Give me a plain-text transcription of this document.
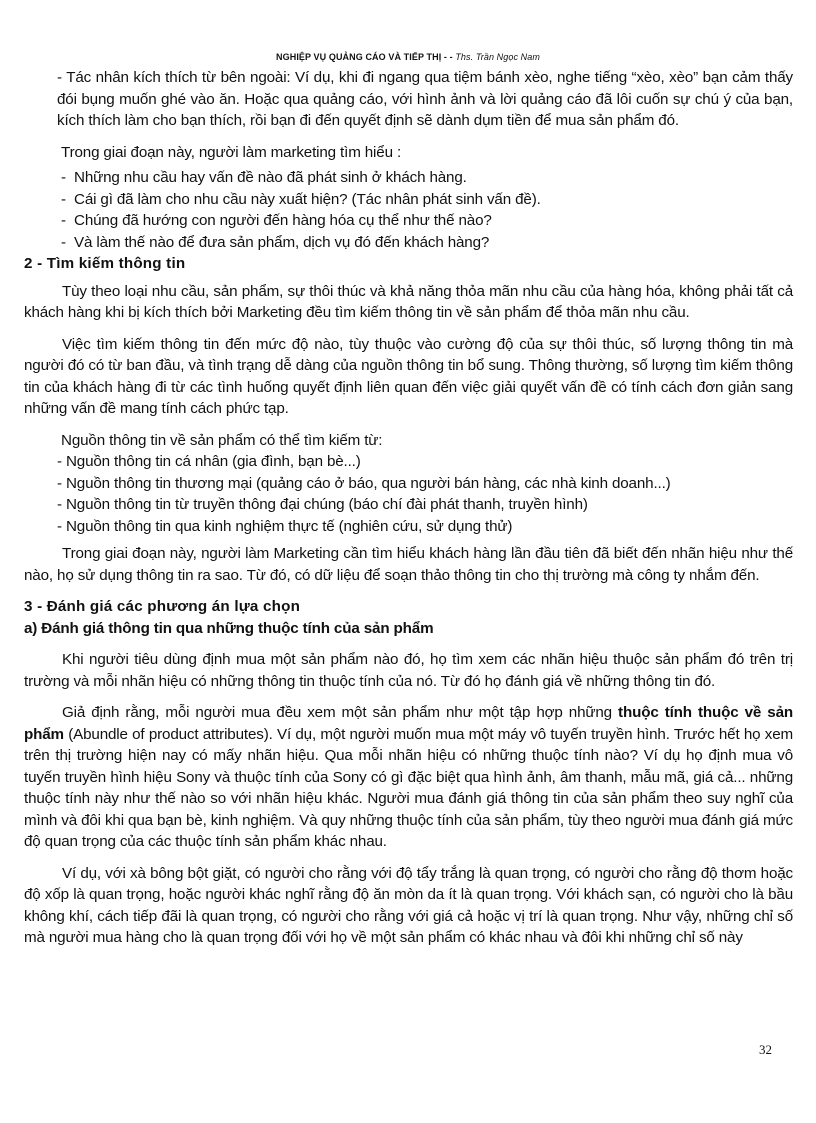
NGHIỆP VỤ QUẢNG CÁO VÀ TIẾP THỊ - - Ths. Trần Ngọc Nam

- Tác nhân kích thích từ bên ngoài: Ví dụ, khi đi ngang qua tiệm bánh xèo, nghe tiếng “xèo, xèo” bạn cảm thấy đói bụng muốn ghé vào ăn. Hoặc qua quảng cáo, với hình ảnh và lời quảng cáo đã lôi cuốn sự chú ý của bạn, kích thích làm cho bạn thích, rồi bạn đi đến quyết định sẽ dành dụm tiền để mua sản phẩm đó.

Trong giai đoạn này, người làm marketing tìm hiểu :

- Những nhu cầu hay vấn đề nào đã phát sinh ở khách hàng.
- Cái gì đã làm cho nhu cầu này xuất hiện? (Tác nhân phát sinh vấn đề).
- Chúng đã hướng con người đến hàng hóa cụ thể như thế nào?
- Và làm thế nào để đưa sản phẩm, dịch vụ đó đến khách hàng?

2 - Tìm kiếm thông tin

Tùy theo loại nhu cầu, sản phẩm, sự thôi thúc và khả năng thỏa mãn nhu cầu của hàng hóa, không phải tất cả khách hàng khi bị kích thích bởi Marketing đều tìm kiếm thông tin về sản phẩm để thỏa mãn nhu cầu.

Việc tìm kiếm thông tin đến mức độ nào, tùy thuộc vào cường độ của sự thôi thúc, số lượng thông tin mà người đó có từ ban đầu, và tình trạng dễ dàng của nguồn thông tin bổ sung. Thông thường, số lượng tìm kiếm thông tin của khách hàng đi từ các tình huống quyết định liên quan đến việc giải quyết vấn đề có tính cách đơn giản sang những vấn đề mang tính cách phức tạp.

Nguồn thông tin về sản phẩm có thể tìm kiếm từ:

- Nguồn thông tin cá nhân (gia đình, bạn bè...)

- Nguồn thông tin thương mại (quảng cáo ở báo, qua người bán hàng, các nhà kinh doanh...)

- Nguồn thông tin từ truyền thông đại chúng (báo chí đài phát thanh, truyền hình)

- Nguồn thông tin qua kinh nghiệm thực tế (nghiên cứu, sử dụng thử)

Trong giai đoạn này, người làm Marketing cần tìm hiểu khách hàng lần đầu tiên đã biết đến nhãn hiệu như thế nào, họ sử dụng thông tin ra sao. Từ đó, có dữ liệu để soạn thảo thông tin cho thị trường mà công ty nhắm đến.

3 - Đánh giá các phương án lựa chọn

a) Đánh giá thông tin qua những thuộc tính của sản phẩm

Khi người tiêu dùng định mua một sản phẩm nào đó, họ tìm xem các nhãn hiệu thuộc sản phẩm đó trên trị trường và mỗi nhãn hiệu có những thông tin thuộc tính của nó. Từ đó họ đánh giá về những thông tin đó.

Giả định rằng, mỗi người mua đều xem một sản phẩm như một tập hợp những thuộc tính thuộc về sản phẩm (Abundle of product attributes). Ví dụ, một người muốn mua một máy vô tuyến truyền hình. Trước hết họ xem trên thị trường hiện nay có mấy nhãn hiệu. Qua mỗi nhãn hiệu có những thuộc tính nào? Ví dụ họ định mua vô tuyến truyền hình hiệu Sony và thuộc tính của Sony có gì đặc biệt qua hình ảnh, âm thanh, mẫu mã, giá cả... những thuộc tính này như thế nào so với nhãn hiệu khác. Người mua đánh giá thông tin của sản phẩm theo suy nghĩ của mình và đôi khi qua bạn bè, kinh nghiệm. Và quy những thuộc tính của sản phẩm, tùy theo người mua đánh giá mức độ quan trọng của các thuộc tính sản phẩm khác nhau.

Ví dụ, với xà bông bột giặt, có người cho rằng với độ tẩy trắng là quan trọng, có người cho rằng độ thơm hoặc độ xốp là quan trọng, hoặc người khác nghĩ rằng độ ăn mòn da ít là quan trọng. Với khách sạn, có người cho là bầu không khí, cách tiếp đãi là quan trọng, có người cho rằng với giá cả hoặc vị trí là quan trọng. Như vậy, những chỉ số mà người mua hàng cho là quan trọng đối với họ về một sản phẩm có khác nhau và đôi khi những chỉ số này

32
